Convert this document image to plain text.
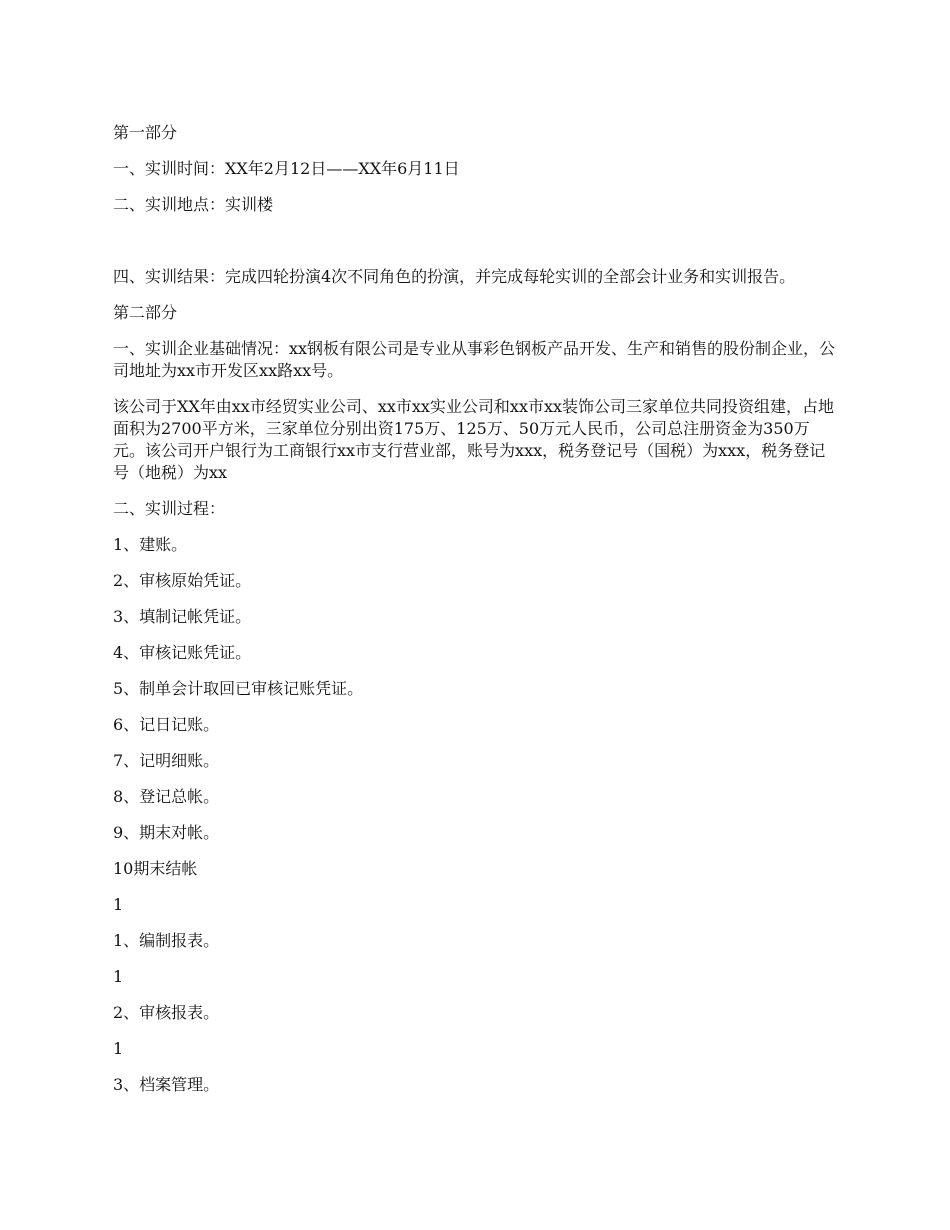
第一部分

一、实训时间：XX年2月12日——XX年6月11日

二、实训地点：实训楼

四、实训结果：完成四轮扮演4次不同角色的扮演，并完成每轮实训的全部会计业务和实训报告。

第二部分

一、实训企业基础情况：xx钢板有限公司是专业从事彩色钢板产品开发、生产和销售的股份制企业，公司地址为xx市开发区xx路xx号。

该公司于XX年由xx市经贸实业公司、xx市xx实业公司和xx市xx装饰公司三家单位共同投资组建，占地面积为2700平方米，三家单位分别出资175万、125万、50万元人民币，公司总注册资金为350万元。该公司开户银行为工商银行xx市支行营业部，账号为xxx，税务登记号（国税）为xxx，税务登记号（地税）为xx

二、实训过程：

1、建账。

2、审核原始凭证。

3、填制记帐凭证。

4、审核记账凭证。

5、制单会计取回已审核记账凭证。

6、记日记账。

7、记明细账。

8、登记总帐。

9、期末对帐。

10期末结帐

1

1、编制报表。

1

2、审核报表。

1

3、档案管理。
